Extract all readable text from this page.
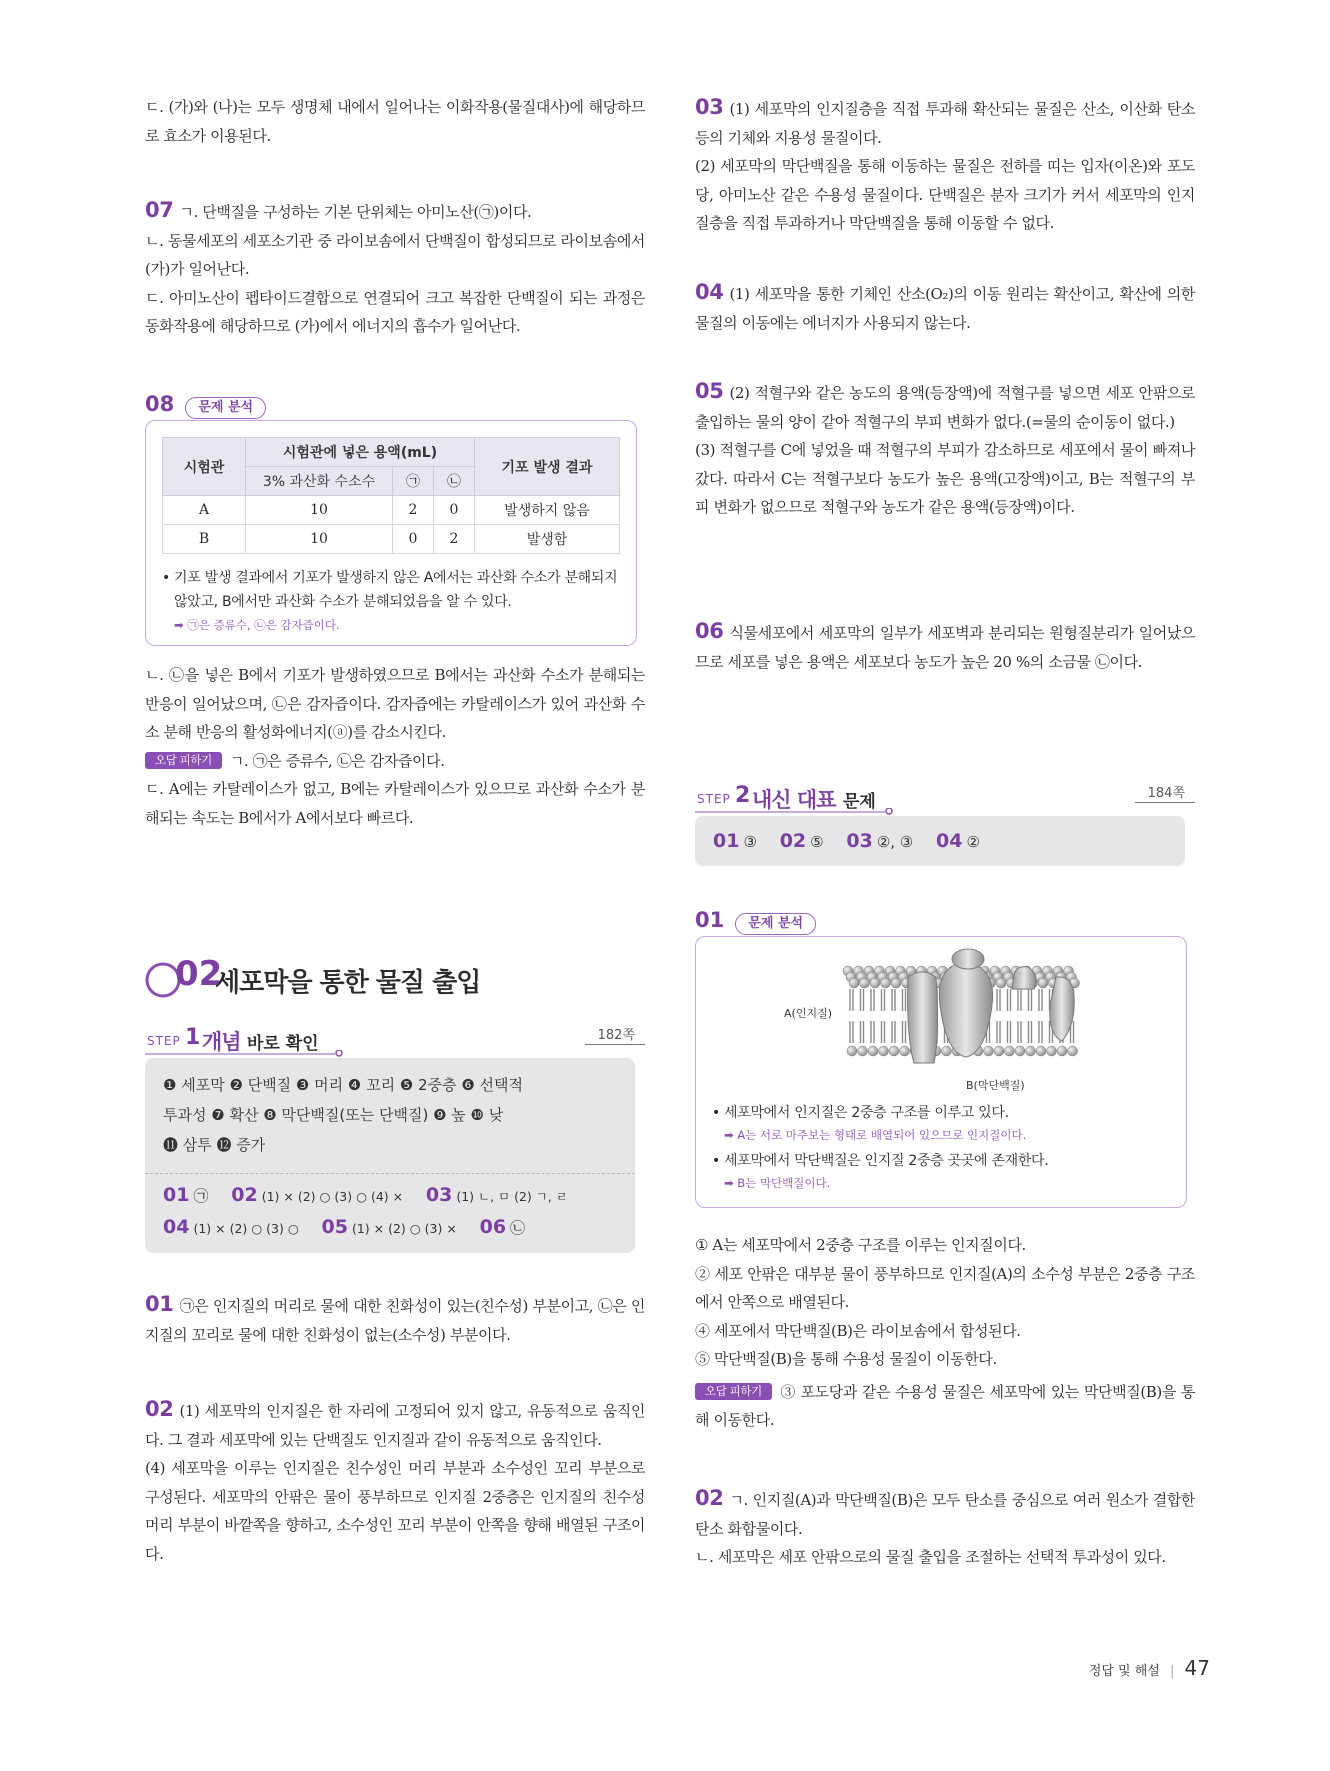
ㄷ. (가)와 (나)는 모두 생명체 내에서 일어나는 이화작용(물질대사)에 해당하므로 효소가 이용된다.

07 ㄱ. 단백질을 구성하는 기본 단위체는 아미노산(㉠)이다.

ㄴ. 동물세포의 세포소기관 중 라이보솜에서 단백질이 합성되므로 라이보솜에서 (가)가 일어난다.

ㄷ. 아미노산이 펩타이드결합으로 연결되어 크고 복잡한 단백질이 되는 과정은 동화작용에 해당하므로 (가)에서 에너지의 흡수가 일어난다.

08 문제 분석
시험관	시험관에 넣은 용액(mL)			기포 발생 결과
	3% 과산화 수소수	㉠	㉡	
A	10	2	0	발생하지 않음
B	10	0	2	발생함
• 기포 발생 결과에서 기포가 발생하지 않은 A에서는 과산화 수소가 분해되지 않았고, B에서만 과산화 수소가 분해되었음을 알 수 있다.
➡ ㉠은 증류수, ㉡은 감자즙이다.

ㄴ. ㉡을 넣은 B에서 기포가 발생하였으므로 B에서는 과산화 수소가 분해되는 반응이 일어났으며, ㉡은 감자즙이다. 감자즙에는 카탈레이스가 있어 과산화 수소 분해 반응의 활성화에너지(ⓐ)를 감소시킨다.

오답 피하기 ㄱ. ㉠은 증류수, ㉡은 감자즙이다.

ㄷ. A에는 카탈레이스가 없고, B에는 카탈레이스가 있으므로 과산화 수소가 분해되는 속도는 B에서가 A에서보다 빠르다.

02
세포막을 통한 물질 출입
STEP 1 개념 바로 확인	182쪽
❶ 세포막 ❷ 단백질 ❸ 머리 ❹ 꼬리 ❺ 2중층 ❻ 선택적
투과성 ❼ 확산 ❽ 막단백질(또는 단백질) ❾ 높 ❿ 낮
⓫ 삼투 ⓬ 증가
01 ㉠ 02 (1) × (2) ○ (3) ○ (4) × 03 (1) ㄴ, ㅁ (2) ㄱ, ㄹ
04 (1) × (2) ○ (3) ○ 05 (1) × (2) ○ (3) × 06 ㉡

01 ㉠은 인지질의 머리로 물에 대한 친화성이 있는(친수성) 부분이고, ㉡은 인지질의 꼬리로 물에 대한 친화성이 없는(소수성) 부분이다.

02 (1) 세포막의 인지질은 한 자리에 고정되어 있지 않고, 유동적으로 움직인다. 그 결과 세포막에 있는 단백질도 인지질과 같이 유동적으로 움직인다.

(4) 세포막을 이루는 인지질은 친수성인 머리 부분과 소수성인 꼬리 부분으로 구성된다. 세포막의 안팎은 물이 풍부하므로 인지질 2중층은 인지질의 친수성 머리 부분이 바깥쪽을 향하고, 소수성인 꼬리 부분이 안쪽을 향해 배열된 구조이다.

03 (1) 세포막의 인지질층을 직접 투과해 확산되는 물질은 산소, 이산화 탄소 등의 기체와 지용성 물질이다.

(2) 세포막의 막단백질을 통해 이동하는 물질은 전하를 띠는 입자(이온)와 포도당, 아미노산 같은 수용성 물질이다. 단백질은 분자 크기가 커서 세포막의 인지질층을 직접 투과하거나 막단백질을 통해 이동할 수 없다.

04 (1) 세포막을 통한 기체인 산소(O₂)의 이동 원리는 확산이고, 확산에 의한 물질의 이동에는 에너지가 사용되지 않는다.

05 (2) 적혈구와 같은 농도의 용액(등장액)에 적혈구를 넣으면 세포 안팎으로 출입하는 물의 양이 같아 적혈구의 부피 변화가 없다.(=물의 순이동이 없다.)

(3) 적혈구를 C에 넣었을 때 적혈구의 부피가 감소하므로 세포에서 물이 빠져나갔다. 따라서 C는 적혈구보다 농도가 높은 용액(고장액)이고, B는 적혈구의 부피 변화가 없으므로 적혈구와 농도가 같은 용액(등장액)이다.

06 식물세포에서 세포막의 일부가 세포벽과 분리되는 원형질분리가 일어났으므로 세포를 넣은 용액은 세포보다 농도가 높은 20 %의 소금물 ㉡이다.

STEP 2 내신 대표 문제	184쪽
01 ③ 02 ⑤ 03 ②, ③ 04 ②
01 문제 분석
A(인지질)
B(막단백질)
• 세포막에서 인지질은 2중층 구조를 이루고 있다.
➡ A는 서로 마주보는 형태로 배열되어 있으므로 인지질이다.
• 세포막에서 막단백질은 인지질 2중층 곳곳에 존재한다.
➡ B는 막단백질이다.

① A는 세포막에서 2중층 구조를 이루는 인지질이다.

② 세포 안팎은 대부분 물이 풍부하므로 인지질(A)의 소수성 부분은 2중층 구조에서 안쪽으로 배열된다.

④ 세포에서 막단백질(B)은 라이보솜에서 합성된다.

⑤ 막단백질(B)을 통해 수용성 물질이 이동한다.

오답 피하기 ③ 포도당과 같은 수용성 물질은 세포막에 있는 막단백질(B)을 통해 이동한다.

02 ㄱ. 인지질(A)과 막단백질(B)은 모두 탄소를 중심으로 여러 원소가 결합한 탄소 화합물이다.

ㄴ. 세포막은 세포 안팎으로의 물질 출입을 조절하는 선택적 투과성이 있다.

정답 및 해설 | 47
